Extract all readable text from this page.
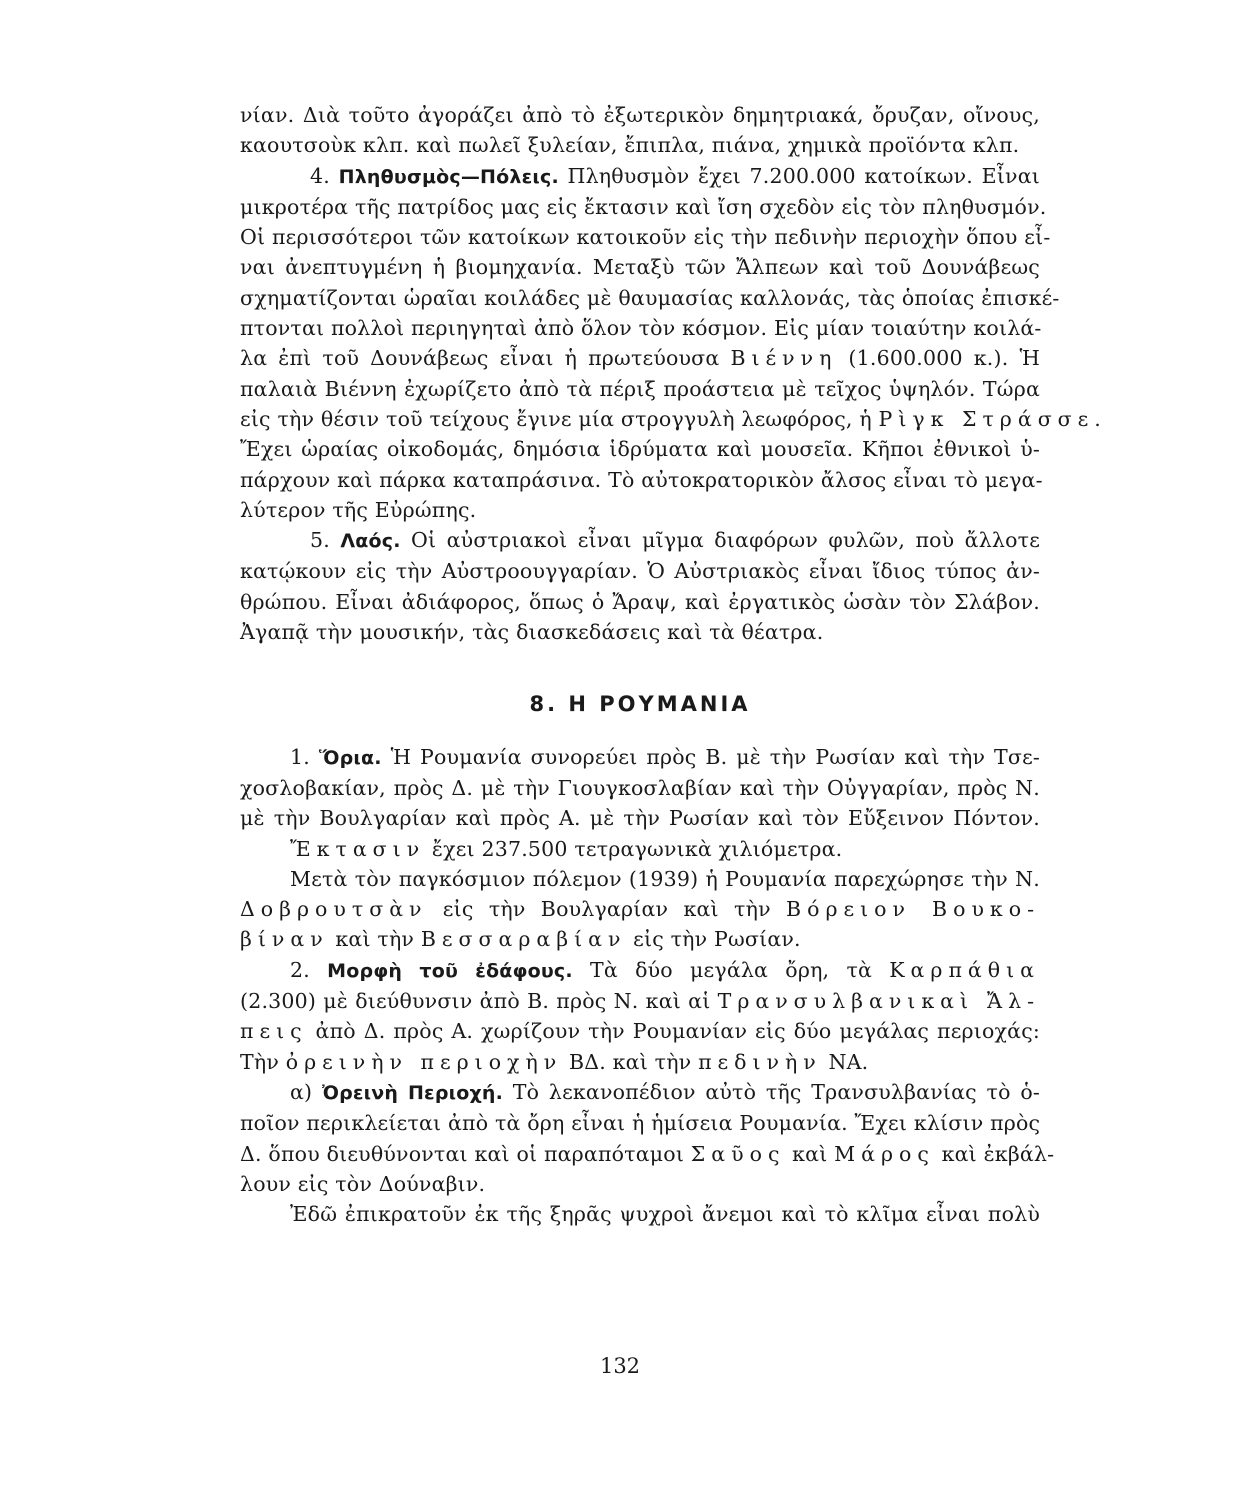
νίαν. Διὰ τοῦτο ἀγοράζει ἀπὸ τὸ ἐξωτερικὸν δημητριακά, ὄρυζαν, οἴνους,
καουτσοὺκ κλπ. καὶ πωλεῖ ξυλείαν, ἔπιπλα, πιάνα, χημικὰ προϊόντα κλπ.
4. Πληθυσμὸς—Πόλεις. Πληθυσμὸν ἔχει 7.200.000 κατοίκων. Εἶναι
μικροτέρα τῆς πατρίδος μας εἰς ἔκτασιν καὶ ἴση σχεδὸν εἰς τὸν πληθυσμόν.
Οἱ περισσότεροι τῶν κατοίκων κατοικοῦν εἰς τὴν πεδινὴν περιοχὴν ὅπου εἶ-
ναι ἀνεπτυγμένη ἡ βιομηχανία. Μεταξὺ τῶν Ἄλπεων καὶ τοῦ Δουνάβεως
σχηματίζονται ὡραῖαι κοιλάδες μὲ θαυμασίας καλλονάς, τὰς ὁποίας ἐπισκέ-
πτονται πολλοὶ περιηγηταὶ ἀπὸ ὅλον τὸν κόσμον. Εἰς μίαν τοιαύτην κοιλά-
λα ἐπὶ τοῦ Δουνάβεως εἶναι ἡ πρωτεύουσα Βιέννη (1.600.000 κ.). Ἡ
παλαιὰ Βιέννη ἐχωρίζετο ἀπὸ τὰ πέριξ προάστεια μὲ τεῖχος ὑψηλόν. Τώρα
εἰς τὴν θέσιν τοῦ τείχους ἔγινε μία στρογγυλὴ λεωφόρος, ἡ Ρὶγκ Στράσσε.
Ἔχει ὡραίας οἰκοδομάς, δημόσια ἱδρύματα καὶ μουσεῖα. Κῆποι ἐθνικοὶ ὑ-
πάρχουν καὶ πάρκα καταπράσινα. Τὸ αὐτοκρατορικὸν ἄλσος εἶναι τὸ μεγα-
λύτερον τῆς Εὐρώπης.
5. Λαός. Οἱ αὐστριακοὶ εἶναι μῖγμα διαφόρων φυλῶν, ποὺ ἄλλοτε
κατῴκουν εἰς τὴν Αὐστροουγγαρίαν. Ὁ Αὐστριακὸς εἶναι ἴδιος τύπος ἀν-
θρώπου. Εἶναι ἀδιάφορος, ὅπως ὁ Ἄραψ, καὶ ἐργατικὸς ὡσὰν τὸν Σλάβον.
Ἀγαπᾷ τὴν μουσικήν, τὰς διασκεδάσεις καὶ τὰ θέατρα.
8. Η ΡΟΥΜΑΝΙΑ
1. Ὅρια. Ἡ Ρουμανία συνορεύει πρὸς Β. μὲ τὴν Ρωσίαν καὶ τὴν Τσε-
χοσλοβακίαν, πρὸς Δ. μὲ τὴν Γιουγκοσλαβίαν καὶ τὴν Οὐγγαρίαν, πρὸς Ν.
μὲ τὴν Βουλγαρίαν καὶ πρὸς Α. μὲ τὴν Ρωσίαν καὶ τὸν Εὔξεινον Πόντον.
Ἔκτασιν ἔχει 237.500 τετραγωνικὰ χιλιόμετρα.
Μετὰ τὸν παγκόσμιον πόλεμον (1939) ἡ Ρουμανία παρεχώρησε τὴν Ν.
Δοβρουτσὰν εἰς τὴν Βουλγαρίαν καὶ τὴν Βόρειον Βουκο-
βίναν καὶ τὴν Βεσσαραβίαν εἰς τὴν Ρωσίαν.
2. Μορφὴ τοῦ ἐδάφους. Τὰ δύο μεγάλα ὄρη, τὰ Καρπάθια
(2.300) μὲ διεύθυνσιν ἀπὸ Β. πρὸς Ν. καὶ αἱ Τρανσυλβανικαὶ Ἄλ-
πεις ἀπὸ Δ. πρὸς Α. χωρίζουν τὴν Ρουμανίαν εἰς δύο μεγάλας περιοχάς:
Τὴν ὀρεινὴν περιοχὴν ΒΔ. καὶ τὴν πεδινὴν ΝΑ.
α) Ὀρεινὴ Περιοχή. Τὸ λεκανοπέδιον αὐτὸ τῆς Τρανσυλβανίας τὸ ὁ-
ποῖον περικλείεται ἀπὸ τὰ ὄρη εἶναι ἡ ἡμίσεια Ρουμανία. Ἔχει κλίσιν πρὸς
Δ. ὅπου διευθύνονται καὶ οἱ παραπόταμοι Σαῦος καὶ Μάρος καὶ ἐκβάλ-
λουν εἰς τὸν Δούναβιν.
Ἐδῶ ἐπικρατοῦν ἐκ τῆς ξηρᾶς ψυχροὶ ἄνεμοι καὶ τὸ κλῖμα εἶναι πολὺ
132
